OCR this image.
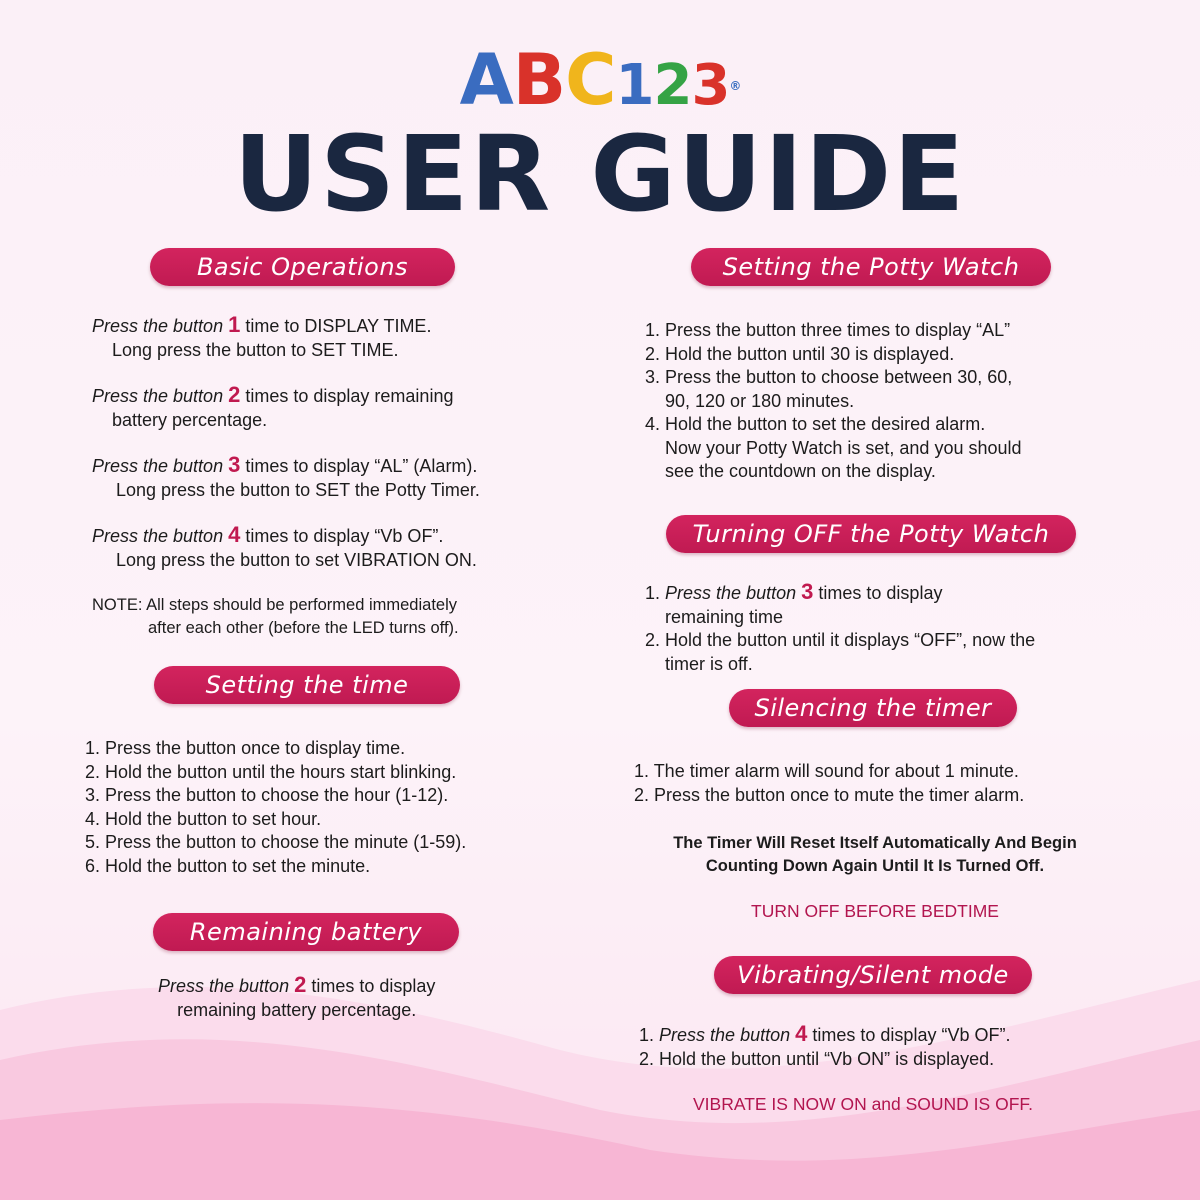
ABC123®
USER GUIDE
Basic Operations
Press the button 1 time to DISPLAY TIME.
Long press the button to SET TIME.
Press the button 2 times to display remaining
battery percentage.
Press the button 3 times to display “AL” (Alarm).
Long press the button to SET the Potty Timer.
Press the button 4 times to display “Vb OF”.
Long press the button to set VIBRATION ON.
NOTE: All steps should be performed immediately
after each other (before the LED turns off).
Setting the time
1. Press the button once to display time.
2. Hold the button until the hours start blinking.
3. Press the button to choose the hour (1-12).
4. Hold the button to set hour.
5. Press the button to choose the minute (1-59).
6. Hold the button to set the minute.
Remaining battery
Press the button 2 times to display
remaining battery percentage.
Setting the Potty Watch
1. Press the button three times to display “AL”
2. Hold the button until 30 is displayed.
3. Press the button to choose between 30, 60,
90, 120 or 180 minutes.
4. Hold the button to set the desired alarm.
Now your Potty Watch is set, and you should
see the countdown on the display.
Turning OFF the Potty Watch
1. Press the button 3 times to display
remaining time
2. Hold the button until it displays “OFF”, now the
timer is off.
Silencing the timer
1. The timer alarm will sound for about 1 minute.
2. Press the button once to mute the timer alarm.
The Timer Will Reset Itself Automatically And Begin
Counting Down Again Until It Is Turned Off.
TURN OFF BEFORE BEDTIME
Vibrating/Silent mode
1. Press the button 4 times to display “Vb OF”.
2. Hold the button until “Vb ON” is displayed.
VIBRATE IS NOW ON and SOUND IS OFF.
